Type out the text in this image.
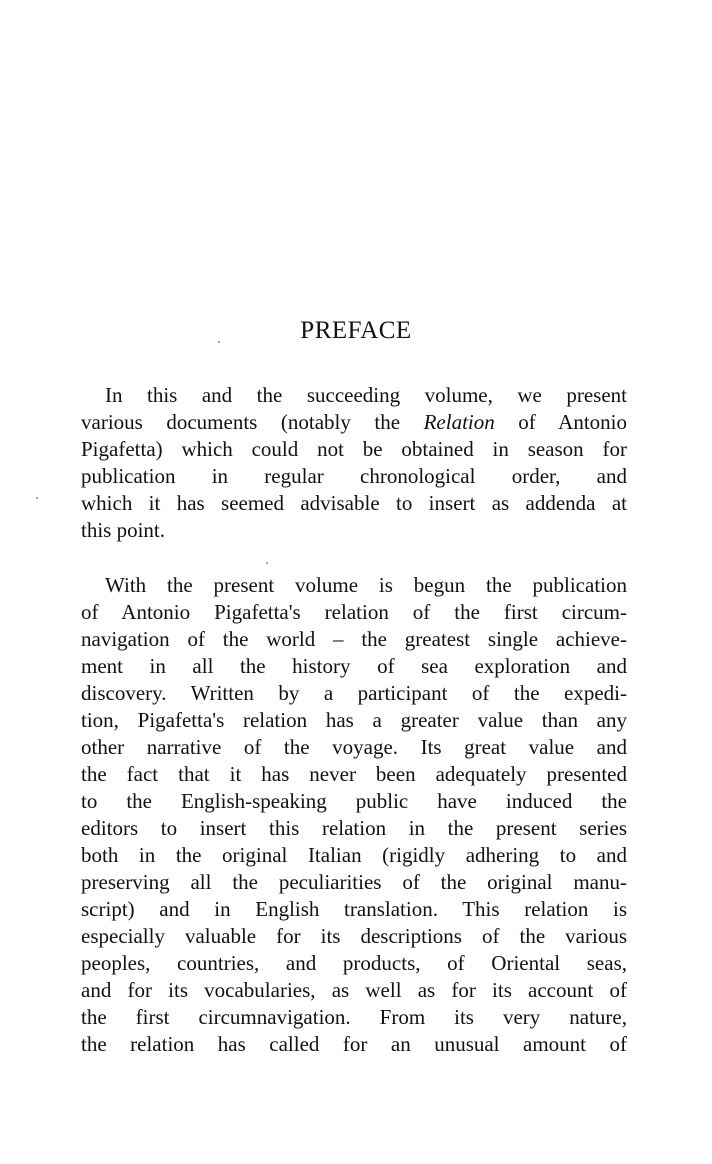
PREFACE
In this and the succeeding volume, we present
various documents (notably the Relation of Antonio
Pigafetta) which could not be obtained in season for
publication in regular chronological order, and
which it has seemed advisable to insert as addenda at
this point.
With the present volume is begun the publication
of Antonio Pigafetta's relation of the first circum-
navigation of the world – the greatest single achieve-
ment in all the history of sea exploration and
discovery. Written by a participant of the expedi-
tion, Pigafetta's relation has a greater value than any
other narrative of the voyage. Its great value and
the fact that it has never been adequately presented
to the English-speaking public have induced the
editors to insert this relation in the present series
both in the original Italian (rigidly adhering to and
preserving all the peculiarities of the original manu-
script) and in English translation. This relation is
especially valuable for its descriptions of the various
peoples, countries, and products, of Oriental seas,
and for its vocabularies, as well as for its account of
the first circumnavigation. From its very nature,
the relation has called for an unusual amount of
